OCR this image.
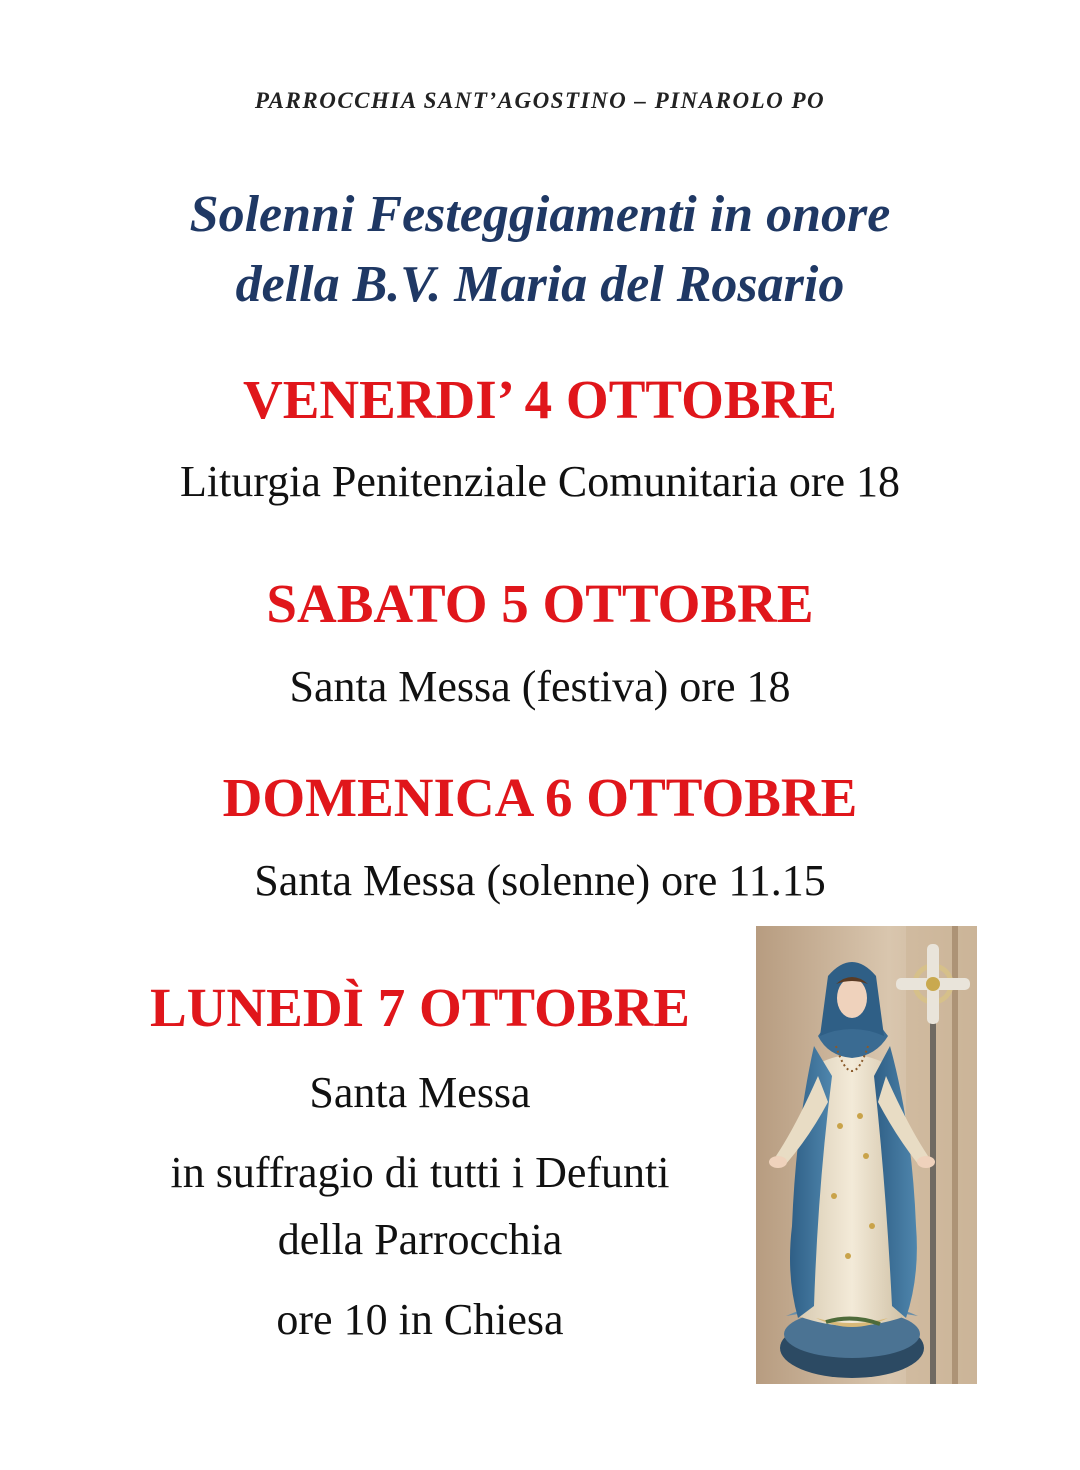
PARROCCHIA SANT’AGOSTINO – PINAROLO PO
Solenni Festeggiamenti in onore
della B.V. Maria del Rosario
VENERDI’ 4 OTTOBRE
Liturgia Penitenziale Comunitaria ore 18
SABATO 5 OTTOBRE
Santa Messa (festiva) ore 18
DOMENICA 6 OTTOBRE
Santa Messa (solenne) ore 11.15
LUNEDÌ 7 OTTOBRE
Santa Messa
in suffragio di tutti i Defunti
della Parrocchia
ore 10 in Chiesa
